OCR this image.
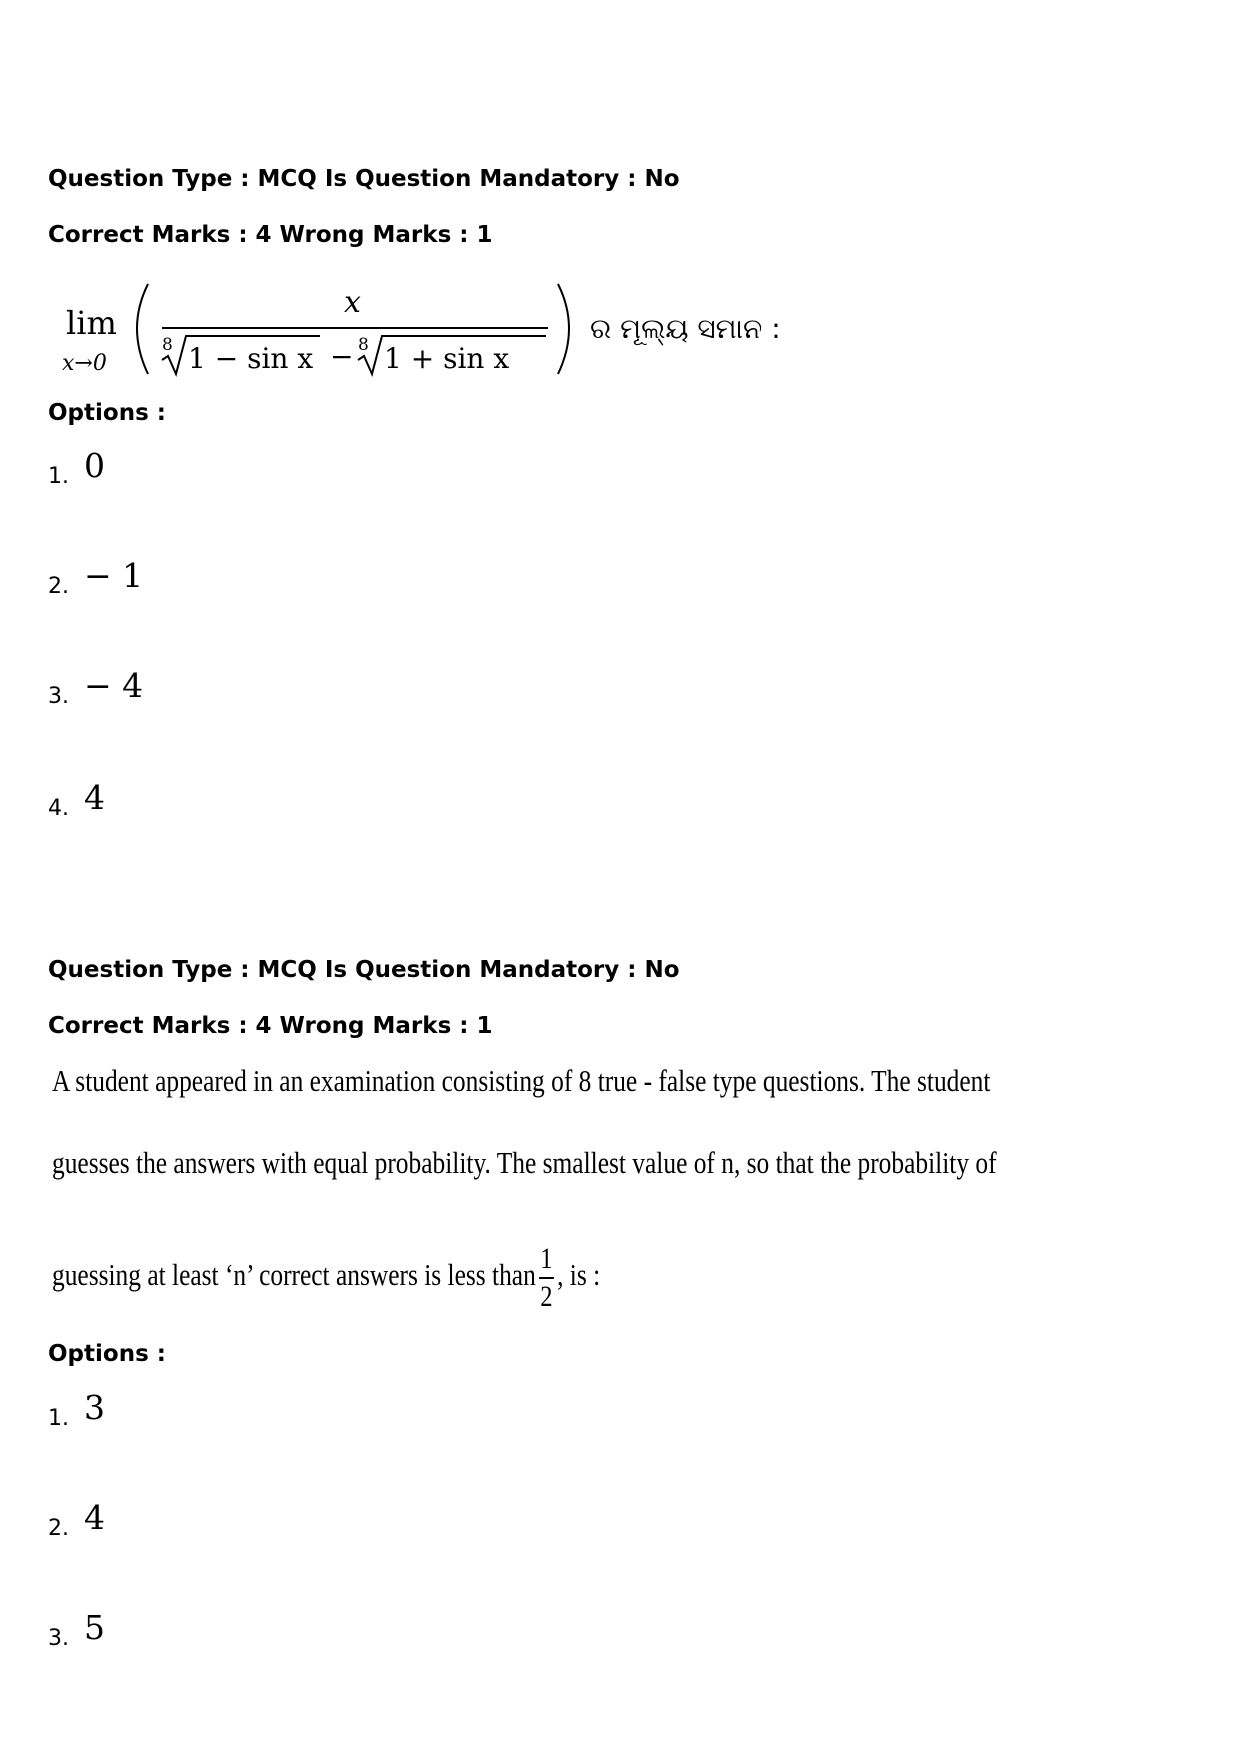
Question Type : MCQ Is Question Mandatory : No
Correct Marks : 4 Wrong Marks : 1
lim
x→0
x
8 1 − sin x − 8 1 + sin x
ର ମୂଲ୍ୟ ସମାନ :
Options :
1. 0
2. − 1
3. − 4
4. 4
Question Type : MCQ Is Question Mandatory : No
Correct Marks : 4 Wrong Marks : 1
A student appeared in an examination consisting of 8 true - false type questions. The student
guesses the answers with equal probability. The smallest value of n, so that the probability of
guessing at least ‘n’ correct answers is less than $\frac{1}{2}$ , is :
Options :
1. 3
2. 4
3. 5
